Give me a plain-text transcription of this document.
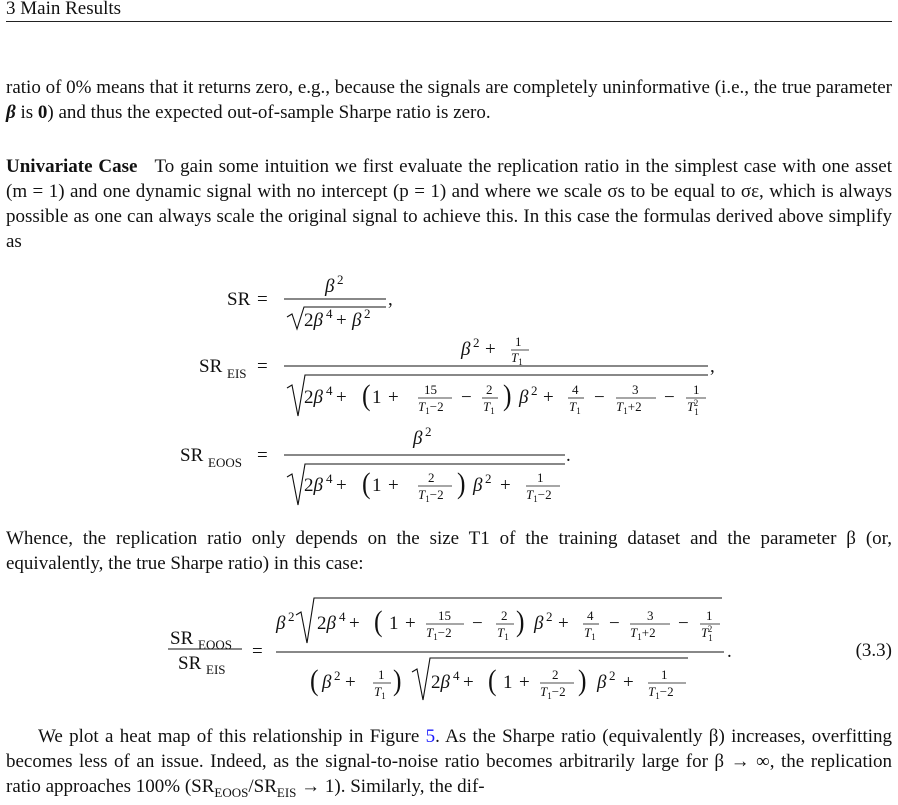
3 Main Results

ratio of 0% means that it returns zero, e.g., because the signals are completely uninformative (i.e., the true parameter β is 0) and thus the expected out-of-sample Sharpe ratio is zero.

Univariate Case To gain some intuition we first evaluate the replication ratio in the simplest case with one asset (m = 1) and one dynamic signal with no intercept (p = 1) and where we scale σs to be equal to σε, which is always possible as one can always scale the original signal to achieve this. In this case the formulas derived above simplify as

SR =
β 2
2β 4 + β 2
,
SR EIS =
β 2 + 1
$T_1$
2β 4 + ( 1 + 15
$T_1-2 - 2$
$T_1$ ) β 2 + 4
$T_1$
− 3
$T_1+2 - 1$
$T_12$
,
SR EOOS =
β 2
2β 4 + ( 1 + 2
$T_1-2$ ) β 2 + 1
$T_1-2$
.

Whence, the replication ratio only depends on the size T1 of the training dataset and the parameter β (or, equivalently, the true Sharpe ratio) in this case:

SR EOOS
SR EIS
=
β 2 2β 4 + ( 1 + 15
$T_1-2 - 2$
$T_1$ ) β 2 + 4
$T_1$
− 3
$T_1+2 - 1$
$T_12$
( β 2 + 1
$T_1$ ) 2β 4 + ( 1 + 2
$T_1-2$ ) β 2 + 1
$T_1-2$
.	(3.3)

We plot a heat map of this relationship in Figure 5. As the Sharpe ratio (equivalently β) increases, overfitting becomes less of an issue. Indeed, as the signal-to-noise ratio becomes arbitrarily large for β → ∞, the replication ratio approaches 100% $(SR_{EOOS}/SR_{EIS} \to 1)$. Similarly, the dif-
